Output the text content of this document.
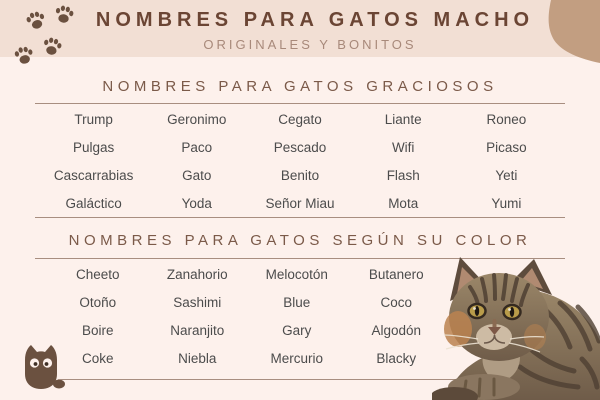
NOMBRES PARA GATOS MACHO
ORIGINALES Y BONITOS
NOMBRES PARA GATOS GRACIOSOS
Trump	Geronimo	Cegato	Liante	Roneo
Pulgas	Paco	Pescado	Wifi	Picaso
Cascarrabias	Gato	Benito	Flash	Yeti
Galáctico	Yoda	Señor Miau	Mota	Yumi
NOMBRES PARA GATOS SEGÚN SU COLOR
Cheeto	Zanahorio	Melocotón	Butanero
Otoño	Sashimi	Blue	Coco
Boire	Naranjito	Gary	Algodón
Coke	Niebla	Mercurio	Blacky
